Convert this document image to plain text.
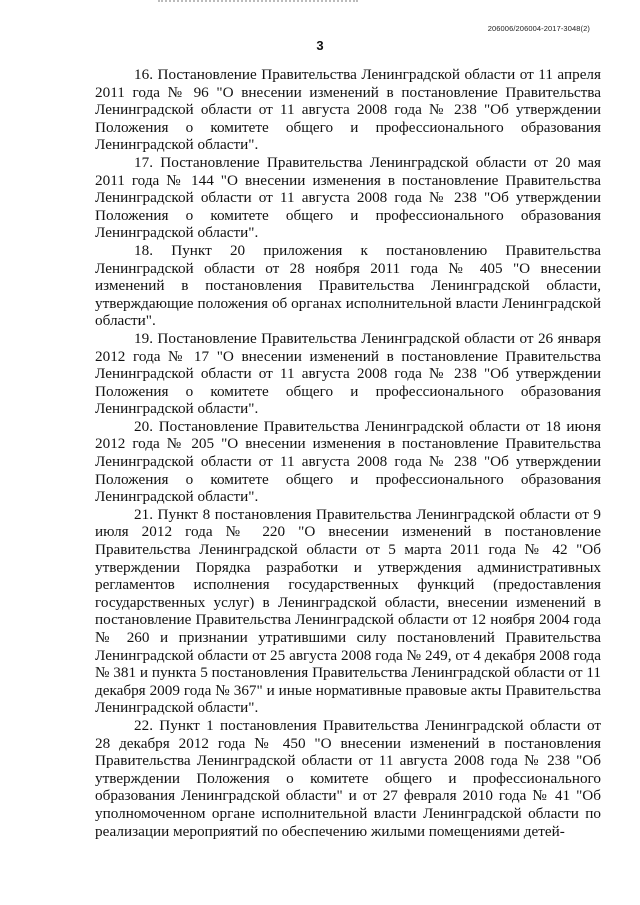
206006/206004-2017-3048(2)
3

16. Постановление Правительства Ленинградской области от 11 апреля 2011 года № 96 "О внесении изменений в постановление Правительства Ленинградской области от 11 августа 2008 года № 238 "Об утверждении Положения о комитете общего и профессионального образования Ленинградской области".

17. Постановление Правительства Ленинградской области от 20 мая 2011 года № 144 "О внесении изменения в постановление Правительства Ленинградской области от 11 августа 2008 года № 238 "Об утверждении Положения о комитете общего и профессионального образования Ленинградской области".

18. Пункт 20 приложения к постановлению Правительства Ленинградской области от 28 ноября 2011 года № 405 "О внесении изменений в постановления Правительства Ленинградской области, утверждающие положения об органах исполнительной власти Ленинградской области".

19. Постановление Правительства Ленинградской области от 26 января 2012 года № 17 "О внесении изменений в постановление Правительства Ленинградской области от 11 августа 2008 года № 238 "Об утверждении Положения о комитете общего и профессионального образования Ленинградской области".

20. Постановление Правительства Ленинградской области от 18 июня 2012 года № 205 "О внесении изменения в постановление Правительства Ленинградской области от 11 августа 2008 года № 238 "Об утверждении Положения о комитете общего и профессионального образования Ленинградской области".

21. Пункт 8 постановления Правительства Ленинградской области от 9 июля 2012 года № 220 "О внесении изменений в постановление Правительства Ленинградской области от 5 марта 2011 года № 42 "Об утверждении Порядка разработки и утверждения административных регламентов исполнения государственных функций (предоставления государственных услуг) в Ленинградской области, внесении изменений в постановление Правительства Ленинградской области от 12 ноября 2004 года № 260 и признании утратившими силу постановлений Правительства Ленинградской области от 25 августа 2008 года № 249, от 4 декабря 2008 года № 381 и пункта 5 постановления Правительства Ленинградской области от 11 декабря 2009 года № 367" и иные нормативные правовые акты Правительства Ленинградской области".

22. Пункт 1 постановления Правительства Ленинградской области от 28 декабря 2012 года № 450 "О внесении изменений в постановления Правительства Ленинградской области от 11 августа 2008 года № 238 "Об утверждении Положения о комитете общего и профессионального образования Ленинградской области" и от 27 февраля 2010 года № 41 "Об уполномоченном органе исполнительной власти Ленинградской области по реализации мероприятий по обеспечению жилыми помещениями детей-
